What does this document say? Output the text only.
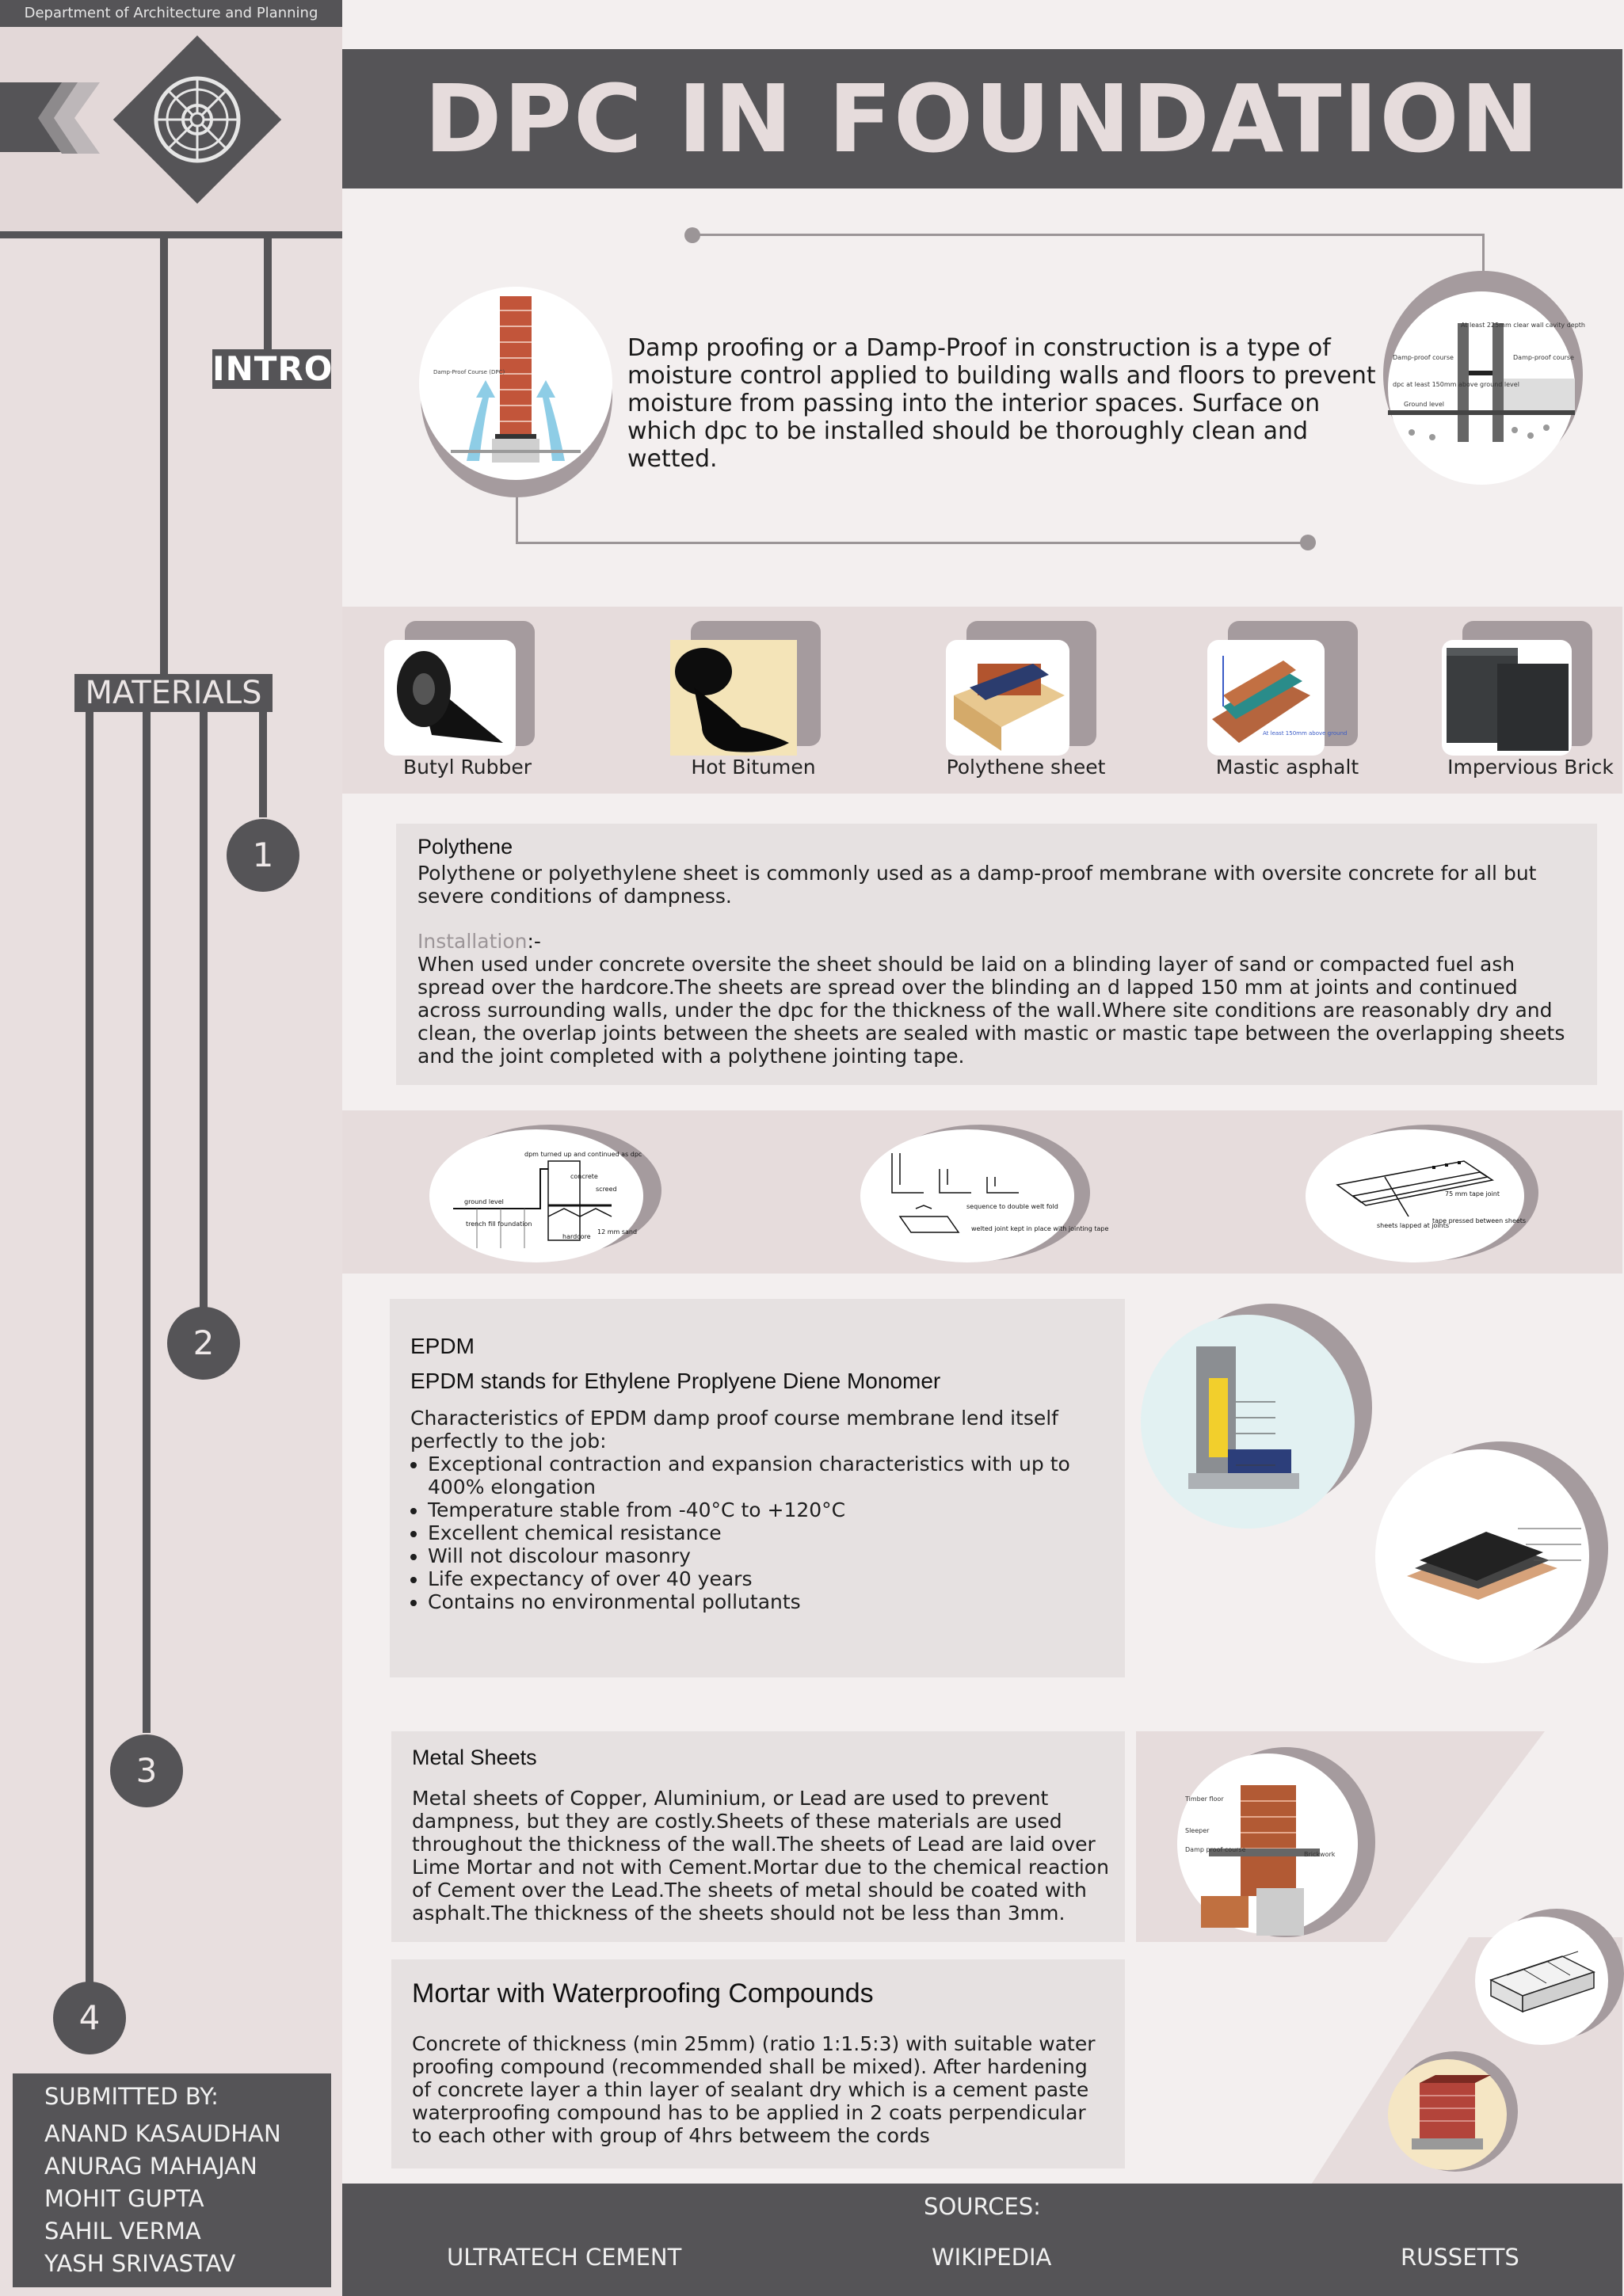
Department of Architecture and Planning
INTRO
MATERIALS
1
2
3
4
SUBMITTED BY:
ANAND KASAUDHAN
ANURAG MAHAJAN
MOHIT GUPTA
SAHIL VERMA
YASH SRIVASTAV
DPC IN FOUNDATION
Damp-Proof Course (DPC)
Damp proofing or a Damp-Proof in construction is a type of moisture control applied to building walls and floors to prevent moisture from passing into the interior spaces. Surface on which dpc to be installed should be thoroughly clean and wetted.
At least 225mm clear wall cavity depth
Damp-proof course	Damp-proof course
dpc at least 150mm above ground level
Ground level
Butyl Rubber	Hot Bitumen	Polythene sheet
At least 150mm above ground
Mastic asphalt	Impervious Brick
Polythene
Polythene or polyethylene sheet is commonly used as a damp-proof membrane with oversite concrete for all but severe conditions of dampness.
Installation:-
When used under concrete oversite the sheet should be laid on a blinding layer of sand or compacted fuel ash spread over the hardcore.The sheets are spread over the blinding an d lapped 150 mm at joints and continued across surrounding walls, under the dpc for the thickness of the wall.Where site conditions are reasonably dry and clean, the overlap joints between the sheets are sealed with mastic or mastic tape between the overlapping sheets and the joint completed with a polythene jointing tape.
dpm turned up and continued as dpc
concrete
screed
ground level
trench fill foundation
hardcore
12 mm sand
sequence to double welt fold
welted joint kept in place with jointing tape
75 mm tape joint
sheets lapped at joints
tape pressed between sheets
EPDM
EPDM stands for Ethylene Proplyene Diene Monomer
Characteristics of EPDM damp proof course membrane lend itself perfectly to the job:
• Exceptional contraction and expansion characteristics with up to 400% elongation
• Temperature stable from -40°C to +120°C
• Excellent chemical resistance
• Will not discolour masonry
• Life expectancy of over 40 years
• Contains no environmental pollutants
Metal Sheets
Metal sheets of Copper, Aluminium, or Lead are used to prevent dampness, but they are costly.Sheets of these materials are used throughout the thickness of the wall.The sheets of Lead are laid over Lime Mortar and not with Cement.Mortar due to the chemical reaction of Cement over the Lead.The sheets of metal should be coated with asphalt.The thickness of the sheets should not be less than 3mm.
Timber floor
Sleeper
Damp proof course
Brickwork
Mortar with Waterproofing Compounds
Concrete of thickness (min 25mm) (ratio 1:1.5:3) with suitable water proofing compound (recommended shall be mixed). After hardening of concrete layer a thin layer of sealant dry which is a cement paste waterproofing compound has to be applied in 2 coats perpendicular to each other with group of 4hrs betweem the cords
SOURCES:
ULTRATECH CEMENT	WIKIPEDIA	RUSSETTS
